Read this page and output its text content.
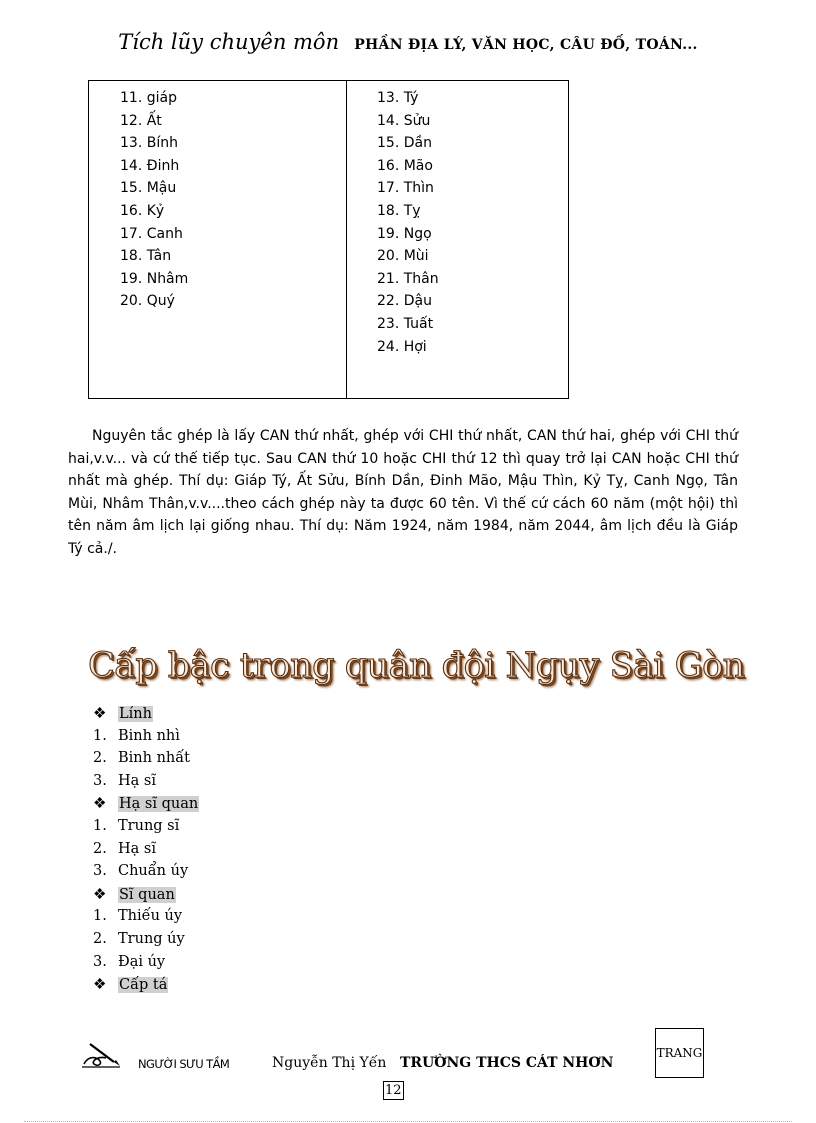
Tích lũy chuyên môn PHẦN ĐỊA LÝ, VĂN HỌC, CÂU ĐỐ, TOÁN...
11. giáp
12. Ất
13. Bính
14. Đinh
15. Mậu
16. Kỷ
17. Canh
18. Tân
19. Nhâm
20. Quý
13. Tý
14. Sửu
15. Dần
16. Mão
17. Thìn
18. Tỵ
19. Ngọ
20. Mùi
21. Thân
22. Dậu
23. Tuất
24. Hợi
Nguyên tắc ghép là lấy CAN thứ nhất, ghép với CHI thứ nhất, CAN thứ hai, ghép với CHI thứ hai,v.v... và cứ thế tiếp tục. Sau CAN thứ 10 hoặc CHI thứ 12 thì quay trở lại CAN hoặc CHI thứ nhất mà ghép. Thí dụ: Giáp Tý, Ất Sửu, Bính Dần, Đinh Mão, Mậu Thìn, Kỷ Tỵ, Canh Ngọ, Tân Mùi, Nhâm Thân,v.v....theo cách ghép này ta được 60 tên. Vì thế cứ cách 60 năm (một hội) thì tên năm âm lịch lại giống nhau. Thí dụ: Năm 1924, năm 1984, năm 2044, âm lịch đều là Giáp Tý cả./.
Cấp bậc trong quân đội Ngụy Sài Gòn
❖ Lính
1. Binh nhì
2. Binh nhất
3. Hạ sĩ
❖ Hạ sĩ quan
1. Trung sĩ
2. Hạ sĩ
3. Chuẩn úy
❖ Sĩ quan
1. Thiếu úy
2. Trung úy
3. Đại úy
❖ Cấp tá
NGƯỜI SƯU TẦM	Nguyễn Thị Yến TRƯỜNG THCS CÁT NHƠN
TRANG
12
